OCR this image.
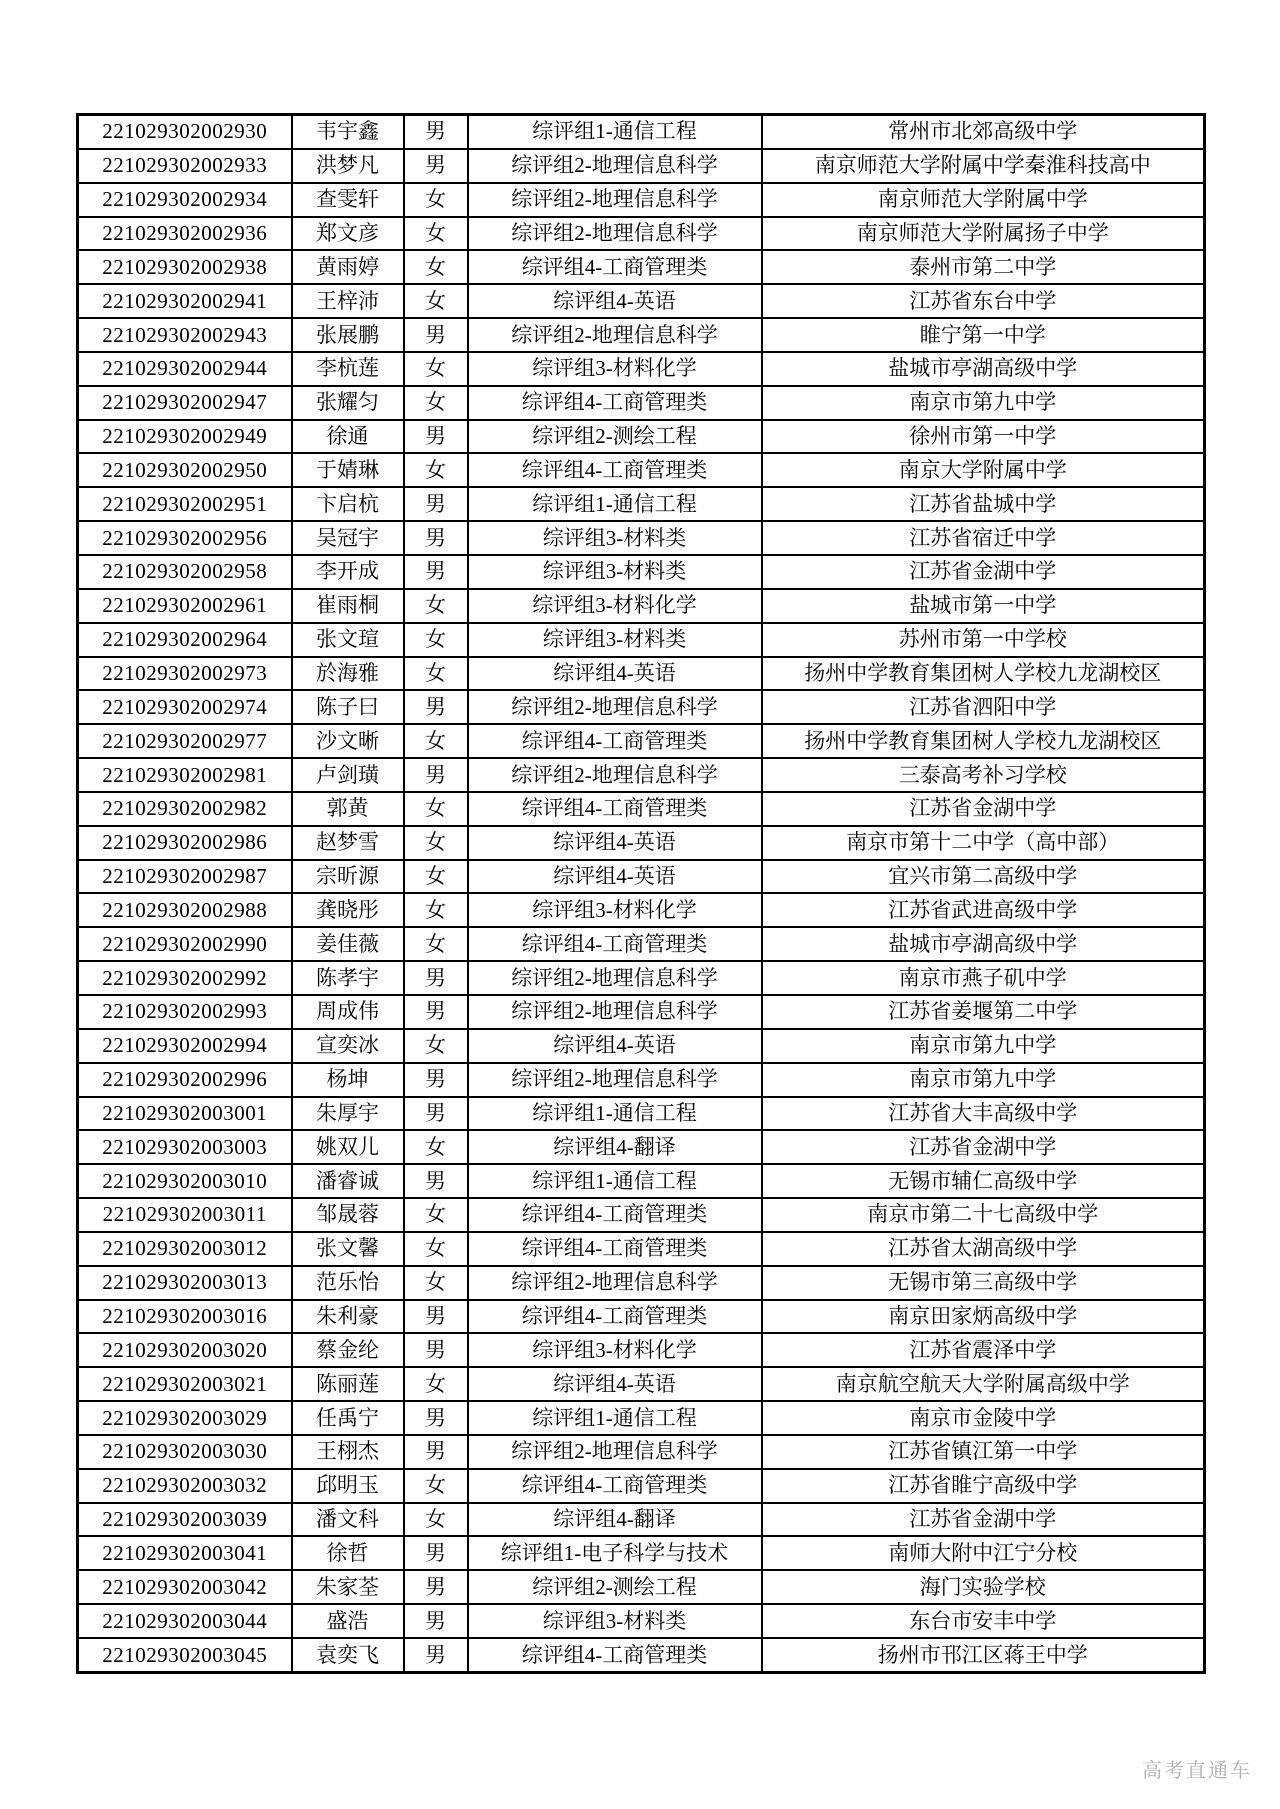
221029302002930	韦宇鑫	男	综评组1-通信工程	常州市北郊高级中学
221029302002933	洪梦凡	男	综评组2-地理信息科学	南京师范大学附属中学秦淮科技高中
221029302002934	查雯轩	女	综评组2-地理信息科学	南京师范大学附属中学
221029302002936	郑文彦	女	综评组2-地理信息科学	南京师范大学附属扬子中学
221029302002938	黄雨婷	女	综评组4-工商管理类	泰州市第二中学
221029302002941	王梓沛	女	综评组4-英语	江苏省东台中学
221029302002943	张展鹏	男	综评组2-地理信息科学	睢宁第一中学
221029302002944	李杭莲	女	综评组3-材料化学	盐城市亭湖高级中学
221029302002947	张耀匀	女	综评组4-工商管理类	南京市第九中学
221029302002949	徐通	男	综评组2-测绘工程	徐州市第一中学
221029302002950	于婧琳	女	综评组4-工商管理类	南京大学附属中学
221029302002951	卞启杭	男	综评组1-通信工程	江苏省盐城中学
221029302002956	吴冠宇	男	综评组3-材料类	江苏省宿迁中学
221029302002958	李开成	男	综评组3-材料类	江苏省金湖中学
221029302002961	崔雨桐	女	综评组3-材料化学	盐城市第一中学
221029302002964	张文瑄	女	综评组3-材料类	苏州市第一中学校
221029302002973	於海雅	女	综评组4-英语	扬州中学教育集团树人学校九龙湖校区
221029302002974	陈子曰	男	综评组2-地理信息科学	江苏省泗阳中学
221029302002977	沙文晰	女	综评组4-工商管理类	扬州中学教育集团树人学校九龙湖校区
221029302002981	卢剑璜	男	综评组2-地理信息科学	三泰高考补习学校
221029302002982	郭黄	女	综评组4-工商管理类	江苏省金湖中学
221029302002986	赵梦雪	女	综评组4-英语	南京市第十二中学（高中部）
221029302002987	宗昕源	女	综评组4-英语	宜兴市第二高级中学
221029302002988	龚晓彤	女	综评组3-材料化学	江苏省武进高级中学
221029302002990	姜佳薇	女	综评组4-工商管理类	盐城市亭湖高级中学
221029302002992	陈孝宇	男	综评组2-地理信息科学	南京市燕子矶中学
221029302002993	周成伟	男	综评组2-地理信息科学	江苏省姜堰第二中学
221029302002994	宣奕冰	女	综评组4-英语	南京市第九中学
221029302002996	杨坤	男	综评组2-地理信息科学	南京市第九中学
221029302003001	朱厚宇	男	综评组1-通信工程	江苏省大丰高级中学
221029302003003	姚双儿	女	综评组4-翻译	江苏省金湖中学
221029302003010	潘睿诚	男	综评组1-通信工程	无锡市辅仁高级中学
221029302003011	邹晟蓉	女	综评组4-工商管理类	南京市第二十七高级中学
221029302003012	张文馨	女	综评组4-工商管理类	江苏省太湖高级中学
221029302003013	范乐怡	女	综评组2-地理信息科学	无锡市第三高级中学
221029302003016	朱利豪	男	综评组4-工商管理类	南京田家炳高级中学
221029302003020	蔡金纶	男	综评组3-材料化学	江苏省震泽中学
221029302003021	陈丽莲	女	综评组4-英语	南京航空航天大学附属高级中学
221029302003029	任禹宁	男	综评组1-通信工程	南京市金陵中学
221029302003030	王栩杰	男	综评组2-地理信息科学	江苏省镇江第一中学
221029302003032	邱明玉	女	综评组4-工商管理类	江苏省睢宁高级中学
221029302003039	潘文科	女	综评组4-翻译	江苏省金湖中学
221029302003041	徐哲	男	综评组1-电子科学与技术	南师大附中江宁分校
221029302003042	朱家荃	男	综评组2-测绘工程	海门实验学校
221029302003044	盛浩	男	综评组3-材料类	东台市安丰中学
221029302003045	袁奕飞	男	综评组4-工商管理类	扬州市邗江区蒋王中学
高考直通车
